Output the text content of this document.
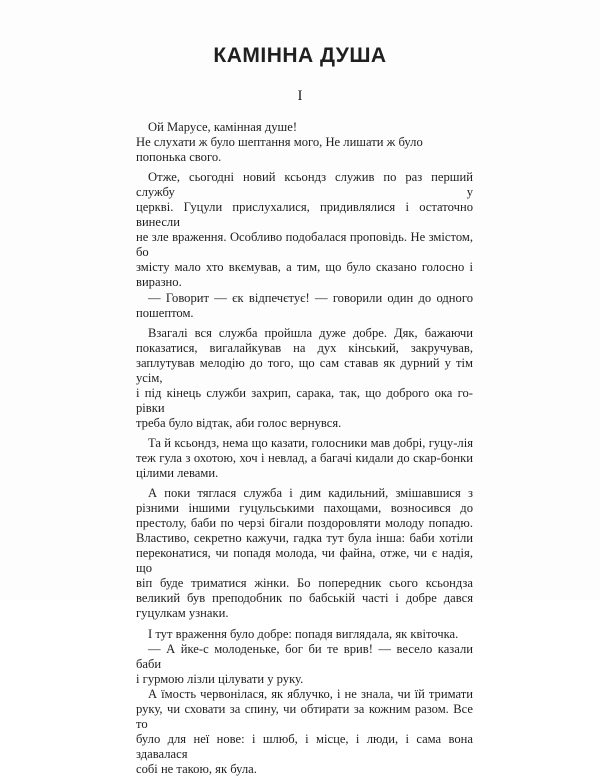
КАМІННА ДУША
І
Ой Марусе, камінная душе!
Не слухати ж було шептання мого, Не лишати ж було
попонька свого.
Отже, сьогодні новий ксьондз служив по раз перший службу у
церкві. Гуцули прислухалися, придивлялися і остаточно винесли
не зле враження. Особливо подобалася проповідь. Не змістом, бо
змісту мало хто вкємував, а тим, що було сказано голосно і
виразно.
— Говорит — єк відпечєтує! — говорили один до одного
пошептом.
Взагалі вся служба пройшла дуже добре. Дяк, бажаючи
показатися, вигалайкував на дух кінський, закручував,
заплутував мелодію до того, що сам ставав як дурний у тім усім,
і під кінець служби захрип, сарака, так, що доброго ока го-рівки
треба було відтак, аби голос вернувся.
Та й ксьондз, нема що казати, голосники мав добрі, гуцу-лія
теж гула з охотою, хоч і невлад, а багачі кидали до скар-бонки
цілими левами.
А поки тяглася служба і дим кадильний, змішавшися з
різними іншими гуцульськими пахощами, возносився до
престолу, баби по черзі бігали поздоровляти молоду попадю.
Властиво, секретно кажучи, гадка тут була інша: баби хотіли
переконатися, чи попадя молода, чи файна, отже, чи є надія, що
віп буде триматися жінки. Бо попередник сього ксьондза
великий був преподобник по бабській часті і добре дався
гуцулкам узнаки.
І тут враження було добре: попадя виглядала, як квіточка.
— А йке-с молоденьке, бог би те врив! — весело казали баби
і гурмою лізли цілувати у руку.
А їмость червонілася, як яблучко, і не знала, чи їй тримати
руку, чи сховати за спину, чи обтирати за кожним разом. Все то
було для неї нове: і шлюб, і місце, і люди, і сама вона здавалася
собі не такою, як була.
